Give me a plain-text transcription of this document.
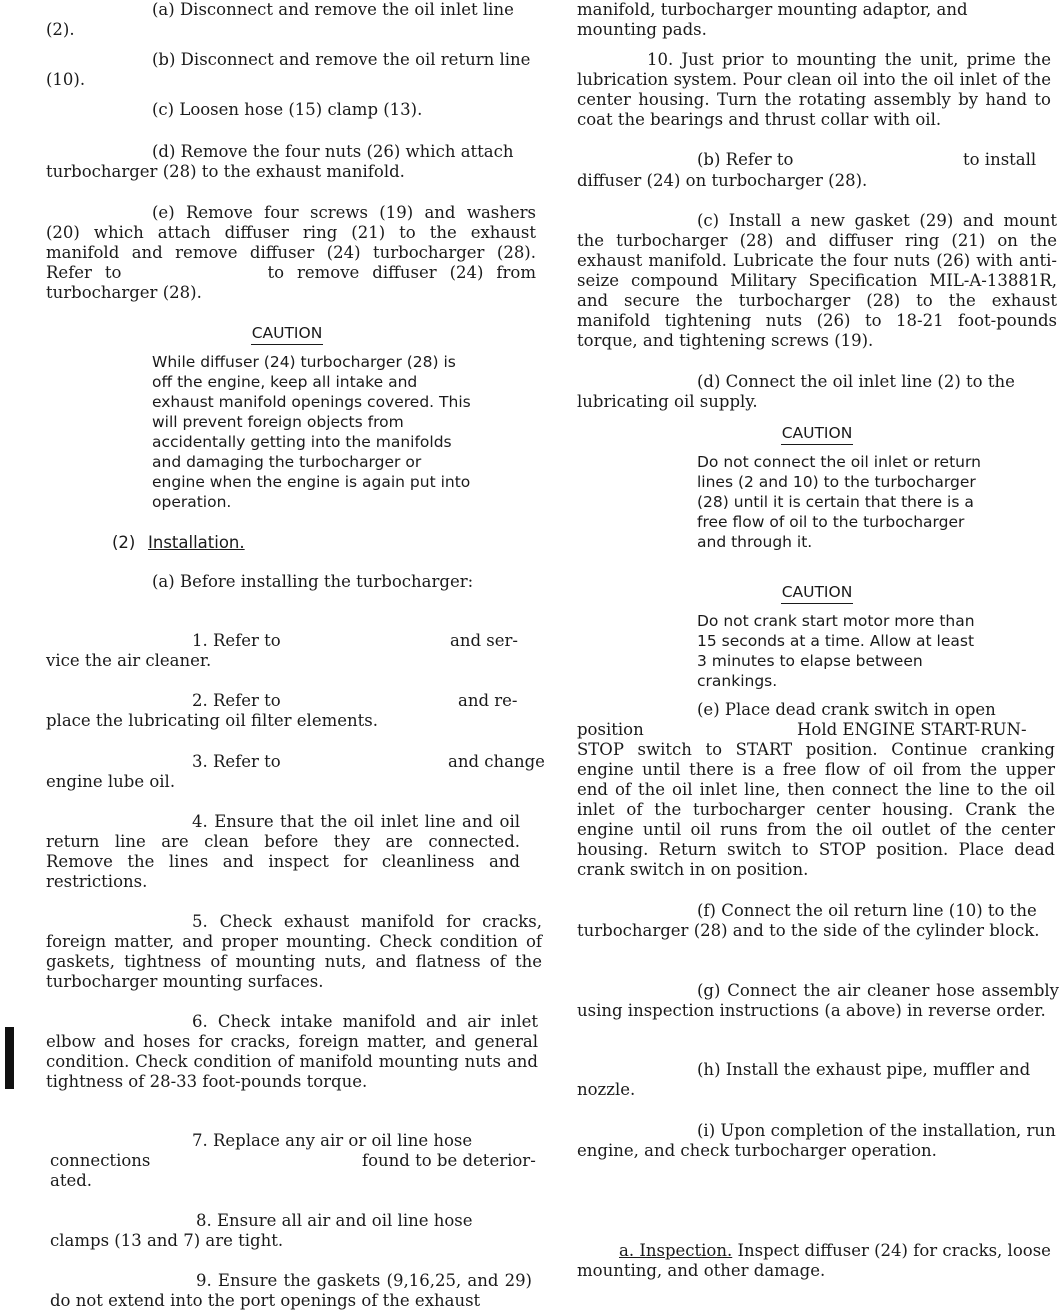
(a) Disconnect and remove the oil inlet line (2).

(b) Disconnect and remove the oil return line (10).

(c) Loosen hose (15) clamp (13).

(d) Remove the four nuts (26) which attach turbocharger (28) to the exhaust manifold.

(e) Remove four screws (19) and washers (20) which attach diffuser ring (21) to the exhaust manifold and remove diffuser (24) turbocharger (28). Refer to	to remove diffuser (24) from turbocharger (28).

CAUTION

While diffuser (24) turbocharger (28) is off the engine, keep all intake and exhaust manifold openings covered. This will prevent foreign objects from accidentally getting into the manifolds and damaging the turbocharger or engine when the engine is again put into operation.

(2) Installation.

(a) Before installing the turbocharger:

1. Refer to	and ser-

vice the air cleaner.

2. Refer to	and re-

place the lubricating oil filter elements.

3. Refer to	and change

engine lube oil.

4. Ensure that the oil inlet line and oil return line are clean before they are connected. Remove the lines and inspect for cleanliness and restrictions.

5. Check exhaust manifold for cracks, foreign matter, and proper mounting. Check condition of gaskets, tightness of mounting nuts, and flatness of the turbocharger mounting surfaces.

6. Check intake manifold and air inlet elbow and hoses for cracks, foreign matter, and general condition. Check condition of manifold mounting nuts and tightness of 28-33 foot-pounds torque.

7. Replace any air or oil line hose

connections	found to be deterior-

ated.

8. Ensure all air and oil line hose clamps (13 and 7) are tight.

9. Ensure the gaskets (9,16,25, and 29) do not extend into the port openings of the exhaust

manifold, turbocharger mounting adaptor, and mounting pads.

10. Just prior to mounting the unit, prime the lubrication system. Pour clean oil into the oil inlet of the center housing. Turn the rotating assembly by hand to coat the bearings and thrust collar with oil.

(b) Refer to	to install

diffuser (24) on turbocharger (28).

(c) Install a new gasket (29) and mount the turbocharger (28) and diffuser ring (21) on the exhaust manifold. Lubricate the four nuts (26) with anti-seize compound Military Specification MIL-A-13881R, and secure the turbocharger (28) to the exhaust manifold tightening nuts (26) to 18-21 foot-pounds torque, and tightening screws (19).

(d) Connect the oil inlet line (2) to the lubricating oil supply.

CAUTION

Do not connect the oil inlet or return lines (2 and 10) to the turbocharger (28) until it is certain that there is a free flow of oil to the turbocharger and through it.

CAUTION

Do not crank start motor more than 15 seconds at a time. Allow at least 3 minutes to elapse between crankings.

(e) Place dead crank switch in open

position	Hold ENGINE START-RUN-

STOP switch to START position. Continue cranking engine until there is a free flow of oil from the upper end of the oil inlet line, then connect the line to the oil inlet of the turbocharger center housing. Crank the engine until oil runs from the oil outlet of the center housing. Return switch to STOP position. Place dead crank switch in on position.

(f) Connect the oil return line (10) to the turbocharger (28) and to the side of the cylinder block.

(g) Connect the air cleaner hose assembly using inspection instructions (a above) in reverse order.

(h) Install the exhaust pipe, muffler and nozzle.

(i) Upon completion of the installation, run engine, and check turbocharger operation.

a. Inspection. Inspect diffuser (24) for cracks, loose mounting, and other damage.
